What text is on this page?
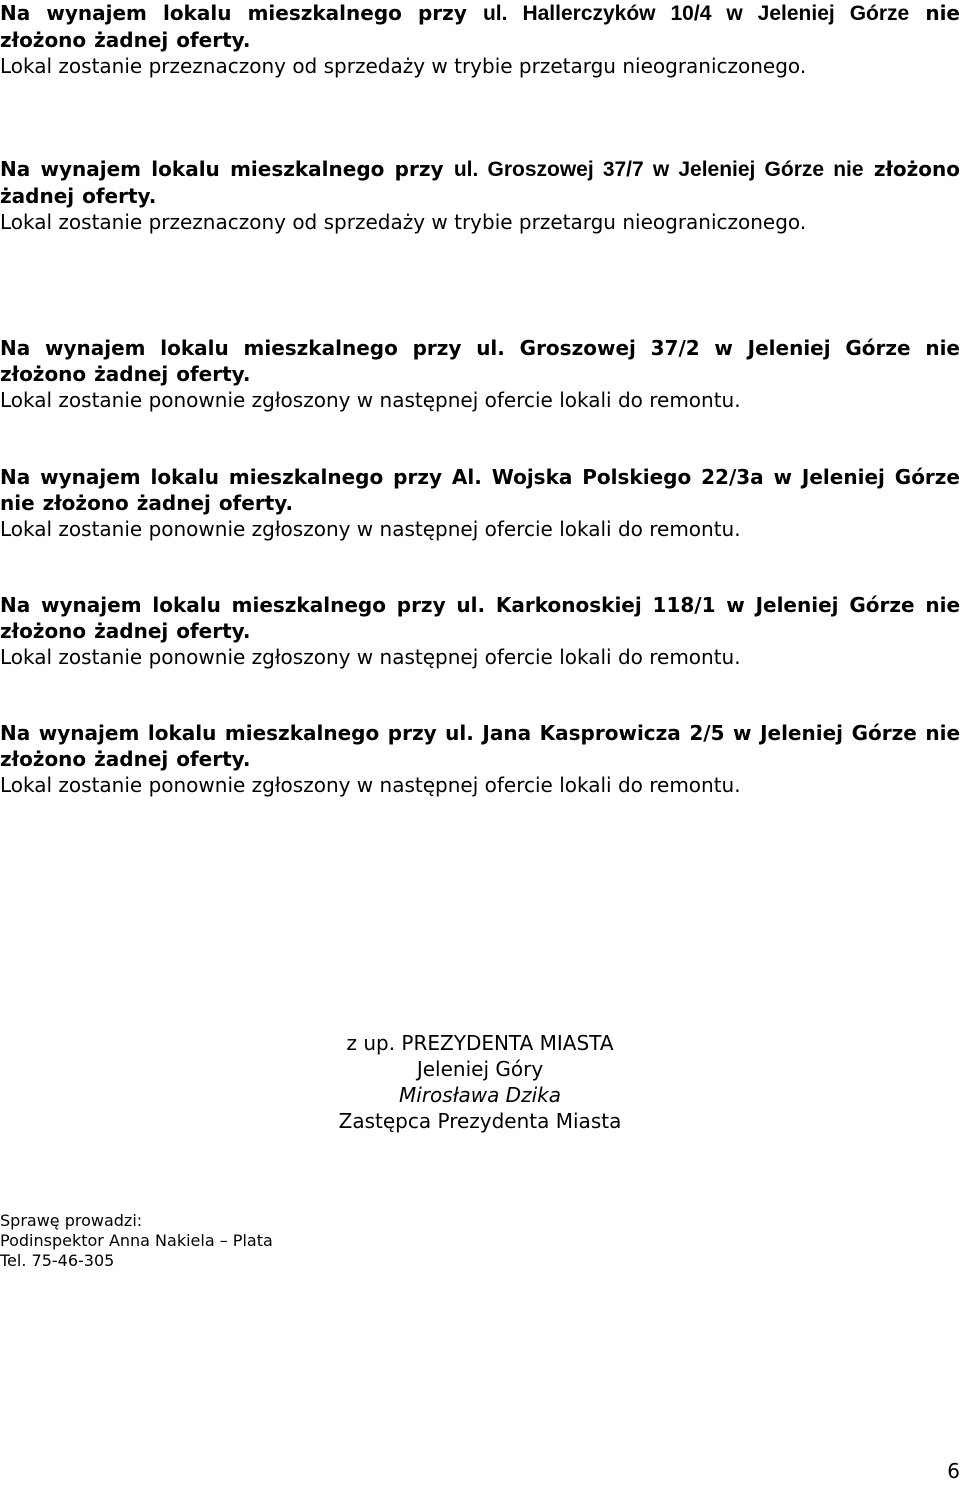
Na wynajem lokalu mieszkalnego przy ul. Hallerczyków 10/4 w Jeleniej Górze nie złożono żadnej oferty.

Lokal zostanie przeznaczony od sprzedaży w trybie przetargu nieograniczonego.

Na wynajem lokalu mieszkalnego przy ul. Groszowej 37/7 w Jeleniej Górze nie złożono żadnej oferty.

Lokal zostanie przeznaczony od sprzedaży w trybie przetargu nieograniczonego.

Na wynajem lokalu mieszkalnego przy ul. Groszowej 37/2 w Jeleniej Górze nie złożono żadnej oferty.

Lokal zostanie ponownie zgłoszony w następnej ofercie lokali do remontu.

Na wynajem lokalu mieszkalnego przy Al. Wojska Polskiego 22/3a w Jeleniej Górze nie złożono żadnej oferty.

Lokal zostanie ponownie zgłoszony w następnej ofercie lokali do remontu.

Na wynajem lokalu mieszkalnego przy ul. Karkonoskiej 118/1 w Jeleniej Górze nie złożono żadnej oferty.

Lokal zostanie ponownie zgłoszony w następnej ofercie lokali do remontu.

Na wynajem lokalu mieszkalnego przy ul. Jana Kasprowicza 2/5 w Jeleniej Górze nie złożono żadnej oferty.

Lokal zostanie ponownie zgłoszony w następnej ofercie lokali do remontu.

z up. PREZYDENTA MIASTA

Jeleniej Góry

Mirosława Dzika

Zastępca Prezydenta Miasta

Sprawę prowadzi:

Podinspektor Anna Nakiela – Plata

Tel. 75-46-305

6
